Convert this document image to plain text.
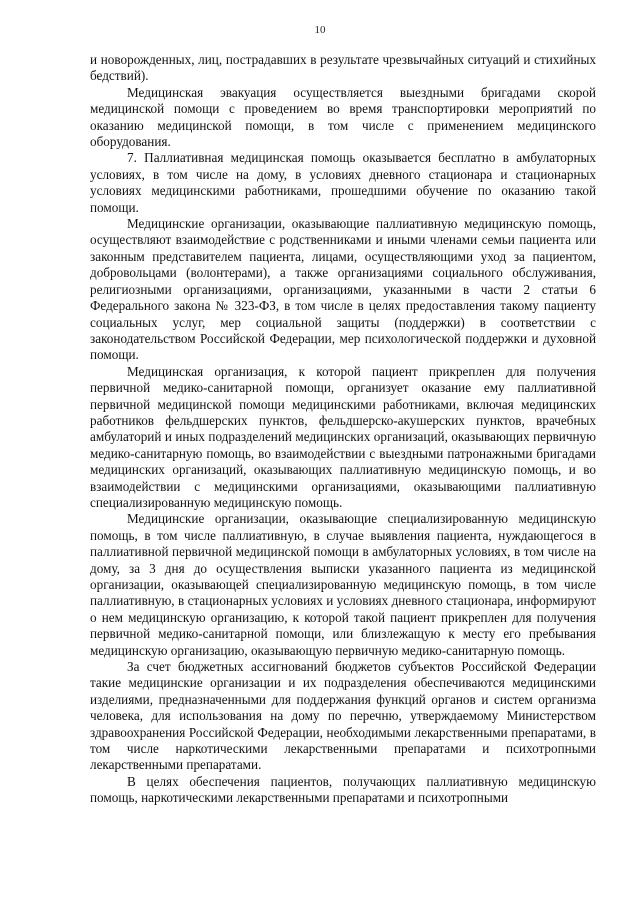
10

и новорожденных, лиц, пострадавших в результате чрезвычайных ситуаций и стихийных бедствий).

Медицинская эвакуация осуществляется выездными бригадами скорой медицинской помощи с проведением во время транспортировки мероприятий по оказанию медицинской помощи, в том числе с применением медицинского оборудования.

7. Паллиативная медицинская помощь оказывается бесплатно в амбулаторных условиях, в том числе на дому, в условиях дневного стационара и стационарных условиях медицинскими работниками, прошедшими обучение по оказанию такой помощи.

Медицинские организации, оказывающие паллиативную медицинскую помощь, осуществляют взаимодействие с родственниками и иными членами семьи пациента или законным представителем пациента, лицами, осуществляющими уход за пациентом, добровольцами (волонтерами), а также организациями социального обслуживания, религиозными организациями, организациями, указанными в части 2 статьи 6 Федерального закона № 323-ФЗ, в том числе в целях предоставления такому пациенту социальных услуг, мер социальной защиты (поддержки) в соответствии с законодательством Российской Федерации, мер психологической поддержки и духовной помощи.

Медицинская организация, к которой пациент прикреплен для получения первичной медико-санитарной помощи, организует оказание ему паллиативной первичной медицинской помощи медицинскими работниками, включая медицинских работников фельдшерских пунктов, фельдшерско-акушерских пунктов, врачебных амбулаторий и иных подразделений медицинских организаций, оказывающих первичную медико-санитарную помощь, во взаимодействии с выездными патронажными бригадами медицинских организаций, оказывающих паллиативную медицинскую помощь, и во взаимодействии с медицинскими организациями, оказывающими паллиативную специализированную медицинскую помощь.

Медицинские организации, оказывающие специализированную медицинскую помощь, в том числе паллиативную, в случае выявления пациента, нуждающегося в паллиативной первичной медицинской помощи в амбулаторных условиях, в том числе на дому, за 3 дня до осуществления выписки указанного пациента из медицинской организации, оказывающей специализированную медицинскую помощь, в том числе паллиативную, в стационарных условиях и условиях дневного стационара, информируют о нем медицинскую организацию, к которой такой пациент прикреплен для получения первичной медико-санитарной помощи, или близлежащую к месту его пребывания медицинскую организацию, оказывающую первичную медико-санитарную помощь.

За счет бюджетных ассигнований бюджетов субъектов Российской Федерации такие медицинские организации и их подразделения обеспечиваются медицинскими изделиями, предназначенными для поддержания функций органов и систем организма человека, для использования на дому по перечню, утверждаемому Министерством здравоохранения Российской Федерации, необходимыми лекарственными препаратами, в том числе наркотическими лекарственными препаратами и психотропными лекарственными препаратами.

В целях обеспечения пациентов, получающих паллиативную медицинскую помощь, наркотическими лекарственными препаратами и психотропными
